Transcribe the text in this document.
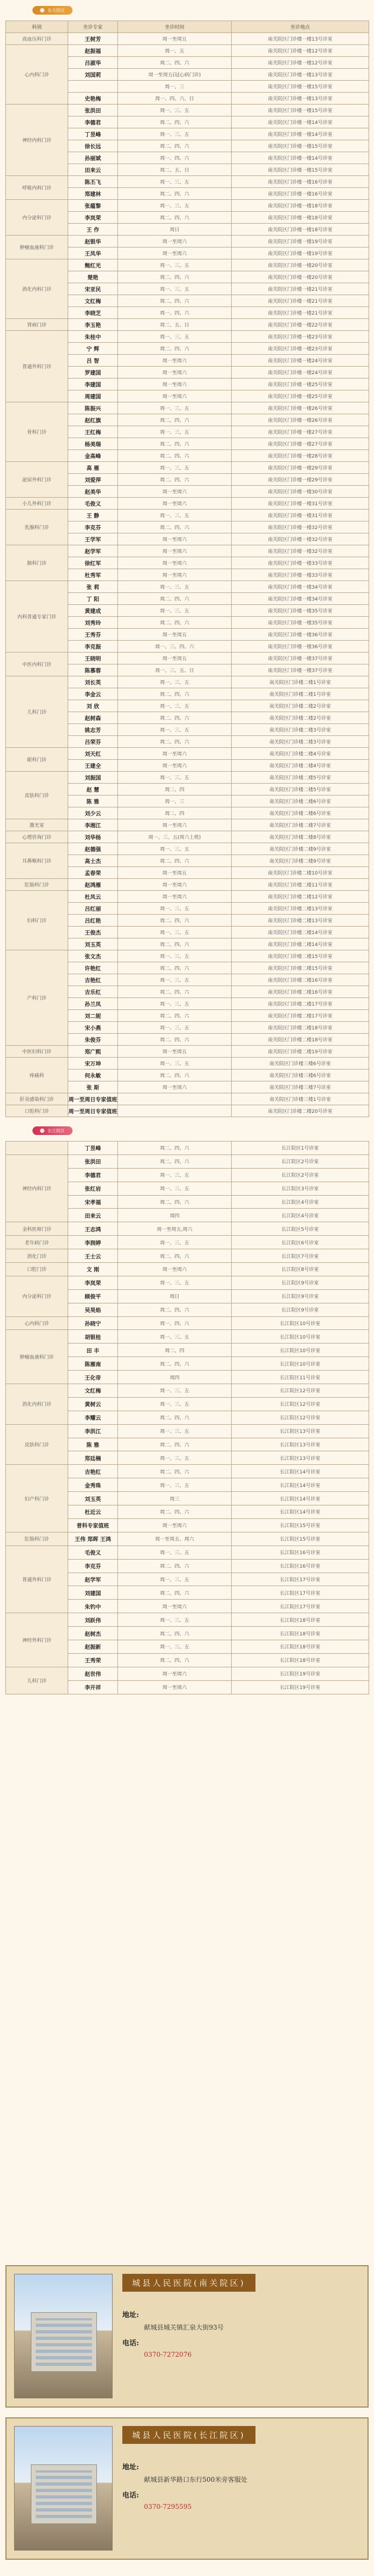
东方院区
科别	坐诊专家	坐诊时间	坐诊地点
高血压科门诊	王树芳	周一至周五	南关院区门诊楼一楼13号诊室
心内科门诊	赵振福	周一、五	南关院区门诊楼一楼12号诊室
	吕淑华	周二、四、六	南关院区门诊楼一楼12号诊室
	刘国莉	周一至周五(冠心病门诊)	南关院区门诊楼一楼13号诊室
		周一、三	南关院区门诊楼一楼15号诊室
	史艳梅	周一、四、六、日	南关院区门诊楼一楼13号诊室
神经内科门诊	张洪田	周一、三、五	南关院区门诊楼一楼15号诊室
	李德君	周二、四、六	南关院区门诊楼一楼14号诊室
	丁昱峰	周一、三、五	南关院区门诊楼一楼14号诊室
	徐长远	周二、四、六	南关院区门诊楼一楼15号诊室
	孙丽斌	周一、四、六	南关院区门诊楼一楼14号诊室
	田来云	周二、五、日	南关院区门诊楼一楼15号诊室
呼吸内科门诊	陈丕飞	周一、三、五	南关院区门诊楼一楼16号诊室
	郑建林	周二、四、六	南关院区门诊楼一楼16号诊室
内分泌科门诊	张蕴黎	周一、三、五	南关院区门诊楼一楼18号诊室
	李岚荣	周二、四、六	南关院区门诊楼一楼18号诊室
	王 作	周日	南关院区门诊楼一楼18号诊室
肿瘤血液科门诊	赵银华	周一至周六	南关院区门诊楼一楼19号诊室
	王凤华	周一至周六	南关院区门诊楼一楼19号诊室
消化内科门诊	鲍红光	周一、三、五	南关院区门诊楼一楼20号诊室
	楚艳	周二、四、六	南关院区门诊楼一楼20号诊室
	宋亚民	周一、三、五	南关院区门诊楼一楼21号诊室
	文红梅	周二、四、六	南关院区门诊楼一楼21号诊室
	李晓芝	周一、四、六	南关院区门诊楼一楼21号诊室
肾病门诊	李玉艳	周二、五、日	南关院区门诊楼一楼22号诊室
普通外科门诊	朱桂中	周一、三、五	南关院区门诊楼一楼23号诊室
	宁 辉	周二、四、六	南关院区门诊楼一楼23号诊室
	吕 智	周一至周六	南关院区门诊楼一楼24号诊室
	罗建国	周一至周六	南关院区门诊楼一楼24号诊室
	李建国	周一至周六	南关院区门诊楼一楼25号诊室
	周建国	周一至周六	南关院区门诊楼一楼25号诊室
骨科门诊	陈振兴	周一、三、五	南关院区门诊楼一楼26号诊室
	赵红旗	周二、四、六	南关院区门诊楼一楼26号诊室
	王红梅	周一、三、五	南关院区门诊楼一楼27号诊室
	杨美瑞	周二、四、六	南关院区门诊楼一楼27号诊室
	金高峰	周二、四、六	南关院区门诊楼一楼28号诊室
泌尿外科门诊	高 雁	周一、三、五	南关院区门诊楼一楼29号诊室
	刘爱萍	周二、四、六	南关院区门诊楼一楼29号诊室
	赵美华	周一至周六	南关院区门诊楼一楼30号诊室
小儿外科门诊	毛俊义	周一至周六	南关院区门诊楼一楼31号诊室
乳腺科门诊	王 静	周一、三、五	南关院区门诊楼一楼31号诊室
	李克芬	周二、四、六	南关院区门诊楼一楼32号诊室
	王学军	周一至周六	南关院区门诊楼一楼32号诊室
肺科门诊	赵学军	周一至周六	南关院区门诊楼一楼32号诊室
	徐红军	周一至周六	南关院区门诊楼一楼33号诊室
	杜秀军	周一至周六	南关院区门诊楼一楼33号诊室
内科普通专家门诊	张 莉	周一、三、五	南关院区门诊楼一楼34号诊室
	丁 阳	周二、四、六	南关院区门诊楼一楼34号诊室
	黄建成	周一、三、五	南关院区门诊楼一楼35号诊室
	刘秀玲	周二、四、六	南关院区门诊楼一楼35号诊室
	王秀芬	周一至周五	南关院区门诊楼一楼36号诊室
	李克振	周一、三、四、六	南关院区门诊楼一楼36号诊室
中医内科门诊	王晓明	周一至周五	南关院区门诊楼一楼37号诊室
	陈慕蓉	周一、三、五、日	南关院区门诊楼一楼37号诊室
儿科门诊	刘长英	周一、三、五	南关院区门诊楼二楼1号诊室
	李金云	周二、四、六	南关院区门诊楼二楼1号诊室
	刘 欣	周一、三、五	南关院区门诊楼二楼2号诊室
	赵树森	周二、四、六	南关院区门诊楼二楼2号诊室
	姚志芳	周一、三、五	南关院区门诊楼二楼3号诊室
	吕荣芬	周二、四、六	南关院区门诊楼二楼3号诊室
眼科门诊	刘天红	周一至周六	南关院区门诊楼二楼4号诊室
	王建全	周一至周六	南关院区门诊楼二楼4号诊室
皮肤科门诊	刘振国	周一、三、五	南关院区门诊楼二楼5号诊室
	赵 慧	周二、四	南关院区门诊楼二楼5号诊室
	陈 雅	周一、三	南关院区门诊楼二楼6号诊室
	刘少云	周二、四	南关院区门诊楼二楼6号诊室
激光室	李湘江	周一至周六	南关院区门诊楼二楼7号诊室
心理咨询门诊	刘华杨	周一、三、五(周六上班)	南关院区门诊楼二楼8号诊室
耳鼻喉科门诊	赵德强	周一、三、五	南关院区门诊楼二楼9号诊室
	高士杰	周二、四、六	南关院区门诊楼二楼9号诊室
	孟春荣	周一至周五	南关院区门诊楼二楼10号诊室
肛肠科门诊	赵鸿雁	周一至周六	南关院区门诊楼二楼11号诊室
妇科门诊	杜凤云	周一至周六	南关院区门诊楼二楼12号诊室
	吕红丽	周一、三、五	南关院区门诊楼二楼13号诊室
	吕红艳	周二、四、六	南关院区门诊楼二楼13号诊室
	王俊杰	周一、三、五	南关院区门诊楼二楼14号诊室
	刘玉英	周二、四、六	南关院区门诊楼二楼14号诊室
产科门诊	张文杰	周一、三、五	南关院区门诊楼二楼15号诊室
	许艳红	周二、四、六	南关院区门诊楼二楼15号诊室
	吉艳红	周一、三、五	南关院区门诊楼二楼16号诊室
	吉乐红	周二、四、六	南关院区门诊楼二楼16号诊室
	孙兰凤	周一、三、五	南关院区门诊楼二楼17号诊室
	刘二妮	周二、四、六	南关院区门诊楼二楼17号诊室
	宋小燕	周一、三、五	南关院区门诊楼二楼18号诊室
	朱俊芬	周二、四、六	南关院区门诊楼二楼18号诊室
中医妇科门诊	郑广熙	周一至周五	南关院区门诊楼二楼19号诊室
疼痛科	宋万坤	周一、三、五	南关院区门诊楼三楼6号诊室
	何永敏	周二、四、六	南关院区门诊楼三楼6号诊室
	张 斯	周一至周六	南关院区门诊楼三楼7号诊室
肝炎感染科门诊	周一至周日专家值班		南关院区门诊楼三楼1号诊室
口腔科门诊	周一至周日专家值班		南关院区门诊楼二楼20号诊室
长江院区
	丁昱峰	周二、四、六	长江院区1号诊室
神经内科门诊	张洪田	周二、四、六	长江院区2号诊室
	李德君	周一、三、五	长江院区2号诊室
	张红岩	周一、三、五	长江院区3号诊室
	宋孝福	周二、四、六	长江院区4号诊室
	田来云	周四	长江院区4号诊室
金科医师门诊	王志鸿	周一至周五,周六	长江院区5号诊室
老年病门诊	李润婷	周一、三、五	长江院区6号诊室
消化门诊	王士云	周二、四、六	长江院区7号诊室
口腔门诊	文 刚	周一至周六	长江院区8号诊室
内分泌科门诊	李岚荣	周一、三、五	长江院区9号诊室
	顾俊平	周日	长江院区9号诊室
	吴昊焰	周二、四、六	长江院区9号诊室
心内科门诊	孙晓宁	周一、四、六	长江院区10号诊室
肿瘤血液科门诊	胡银桂	周一、三、五	长江院区10号诊室
	田 丰	周二、四	长江院区10号诊室
	陈雁南	周二、四、六	长江院区10号诊室
	王化帝	周四	长江院区11号诊室
消化内科门诊	文红梅	周一、三、五	长江院区12号诊室
	黄树云	周一、三、五	长江院区12号诊室
	李耀云	周二、四、六	长江院区12号诊室
皮肤科门诊	李洪江	周一、三、五	长江院区13号诊室
	陈 雅	周二、四、六	长江院区13号诊室
	郑廷楠	周一、三、五	长江院区13号诊室
妇产科门诊	吉艳红	周二、四、六	长江院区14号诊室
	金秀珠	周一、三、五	长江院区14号诊室
	刘玉英	周三	长江院区14号诊室
	杜近云	周二、四、六	长江院区14号诊室
	普科专家值班	周一至周六	长江院区15号诊室
肛肠科门诊	王伟 郑晖 王鸿	周一至周五、周六	长江院区15号诊室
普通外科门诊	毛俊义	周一、三、五	长江院区16号诊室
	李克芬	周二、四、六	长江院区16号诊室
	赵学军	周一、三、五	长江院区17号诊室
	刘建国	周二、四、六	长江院区17号诊室
	朱钓中	周一至周六	长江院区17号诊室
神经外科门诊	刘跃伟	周一、三、五	长江院区18号诊室
	赵树杰	周二、四、六	长江院区18号诊室
	赵振新	周一、三、五	长江院区18号诊室
	王秀荣	周二、四、六	长江院区18号诊室
儿科门诊	赵世伟	周一至周六	长江院区19号诊室
	李开祥	周一至周六	长江院区19号诊室
城县人民医院(南关院区)
地址:
献城县城关镇汇泉大街93号
电话:
0370-7272076
城县人民医院(长江院区)
地址:
献城县新华路口东行500米旁客服处
电话:
0370-7295595
